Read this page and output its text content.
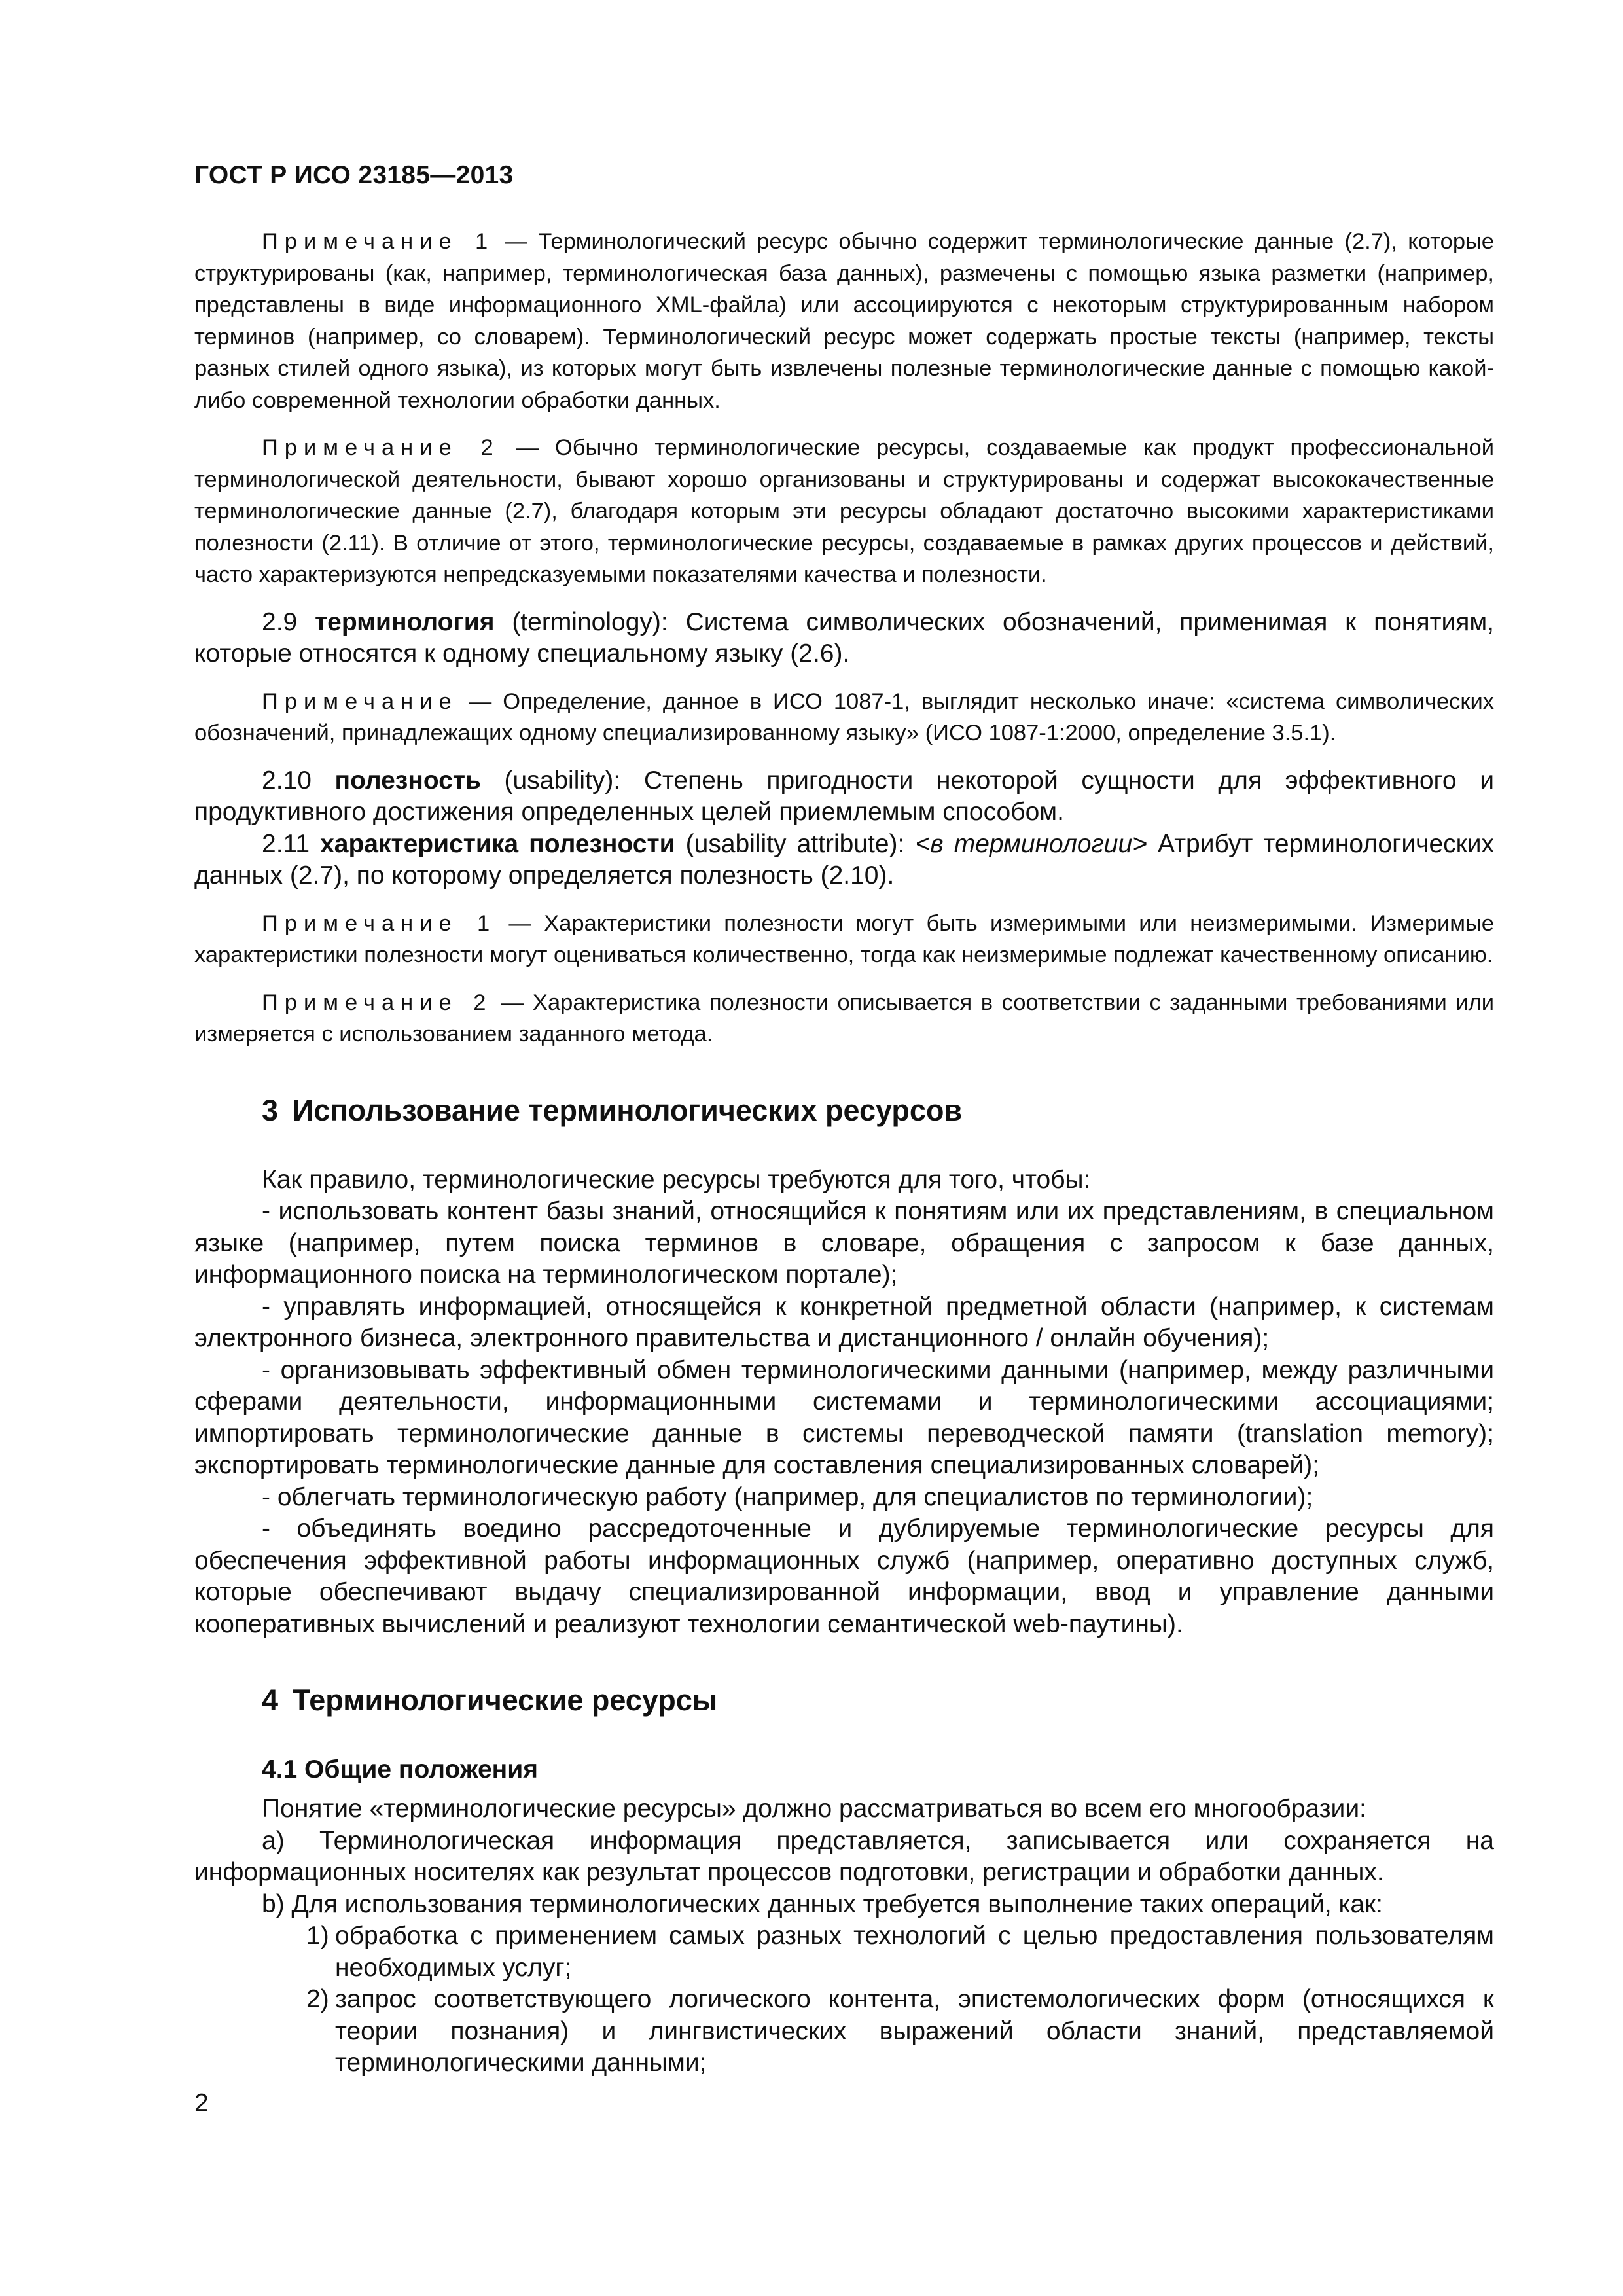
ГОСТ Р ИСО 23185—2013

Примечание 1 — Терминологический ресурс обычно содержит терминологические данные (2.7), которые структурированы (как, например, терминологическая база данных), размечены с помощью языка разметки (например, представлены в виде информационного XML-файла) или ассоциируются с некоторым структурированным набором терминов (например, со словарем). Терминологический ресурс может содержать простые тексты (например, тексты разных стилей одного языка), из которых могут быть извлечены полезные терминологические данные с помощью какой-либо современной технологии обработки данных.

Примечание 2 — Обычно терминологические ресурсы, создаваемые как продукт профессиональной терминологической деятельности, бывают хорошо организованы и структурированы и содержат высококачественные терминологические данные (2.7), благодаря которым эти ресурсы обладают достаточно высокими характеристиками полезности (2.11). В отличие от этого, терминологические ресурсы, создаваемые в рамках других процессов и действий, часто характеризуются непредсказуемыми показателями качества и полезности.

2.9 терминология (terminology): Система символических обозначений, применимая к понятиям, которые относятся к одному специальному языку (2.6).

Примечание — Определение, данное в ИСО 1087-1, выглядит несколько иначе: «система символических обозначений, принадлежащих одному специализированному языку» (ИСО 1087-1:2000, определение 3.5.1).

2.10 полезность (usability): Степень пригодности некоторой сущности для эффективного и продуктивного достижения определенных целей приемлемым способом.

2.11 характеристика полезности (usability attribute): <в терминологии> Атрибут терминологических данных (2.7), по которому определяется полезность (2.10).

Примечание 1 — Характеристики полезности могут быть измеримыми или неизмеримыми. Измеримые характеристики полезности могут оцениваться количественно, тогда как неизмеримые подлежат качественному описанию.

Примечание 2 — Характеристика полезности описывается в соответствии с заданными требованиями или измеряется с использованием заданного метода.

3 Использование терминологических ресурсов

Как правило, терминологические ресурсы требуются для того, чтобы:

- использовать контент базы знаний, относящийся к понятиям или их представлениям, в специальном языке (например, путем поиска терминов в словаре, обращения с запросом к базе данных, информационного поиска на терминологическом портале);

- управлять информацией, относящейся к конкретной предметной области (например, к системам электронного бизнеса, электронного правительства и дистанционного / онлайн обучения);

- организовывать эффективный обмен терминологическими данными (например, между различными сферами деятельности, информационными системами и терминологическими ассоциациями; импортировать терминологические данные в системы переводческой памяти (translation memory); экспортировать терминологические данные для составления специализированных словарей);

- облегчать терминологическую работу (например, для специалистов по терминологии);

- объединять воедино рассредоточенные и дублируемые терминологические ресурсы для обеспечения эффективной работы информационных служб (например, оперативно доступных служб, которые обеспечивают выдачу специализированной информации, ввод и управление данными кооперативных вычислений и реализуют технологии семантической web-паутины).

4 Терминологические ресурсы
4.1 Общие положения

Понятие «терминологические ресурсы» должно рассматриваться во всем его многообразии:

a) Терминологическая информация представляется, записывается или сохраняется на информационных носителях как результат процессов подготовки, регистрации и обработки данных.

b) Для использования терминологических данных требуется выполнение таких операций, как:

1) обработка с применением самых разных технологий с целью предоставления пользователям необходимых услуг;

2) запрос соответствующего логического контента, эпистемологических форм (относящихся к теории познания) и лингвистических выражений области знаний, представляемой терминологическими данными;

2
